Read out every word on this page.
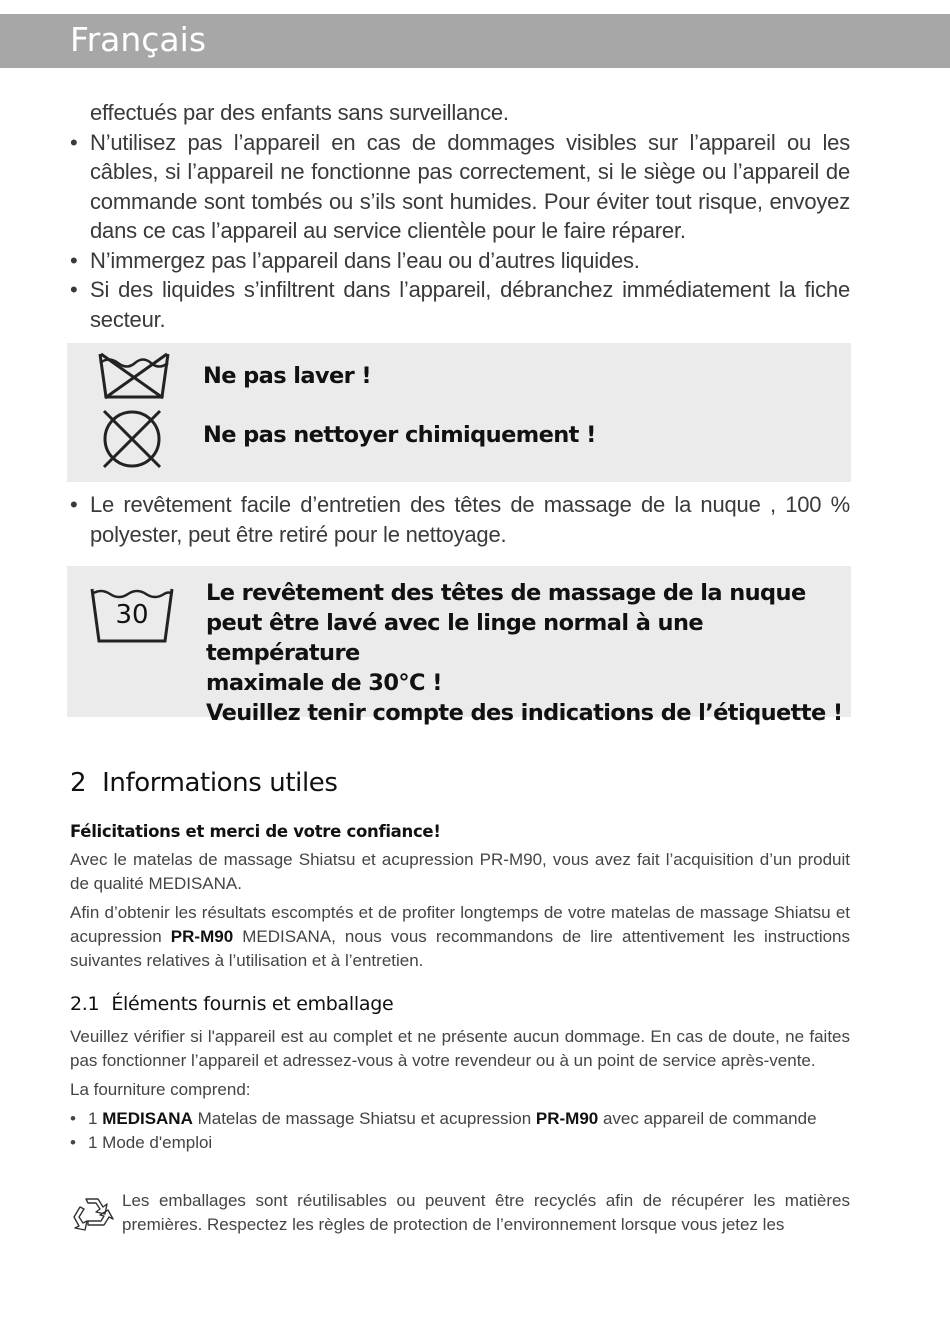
Français
effectués par des enfants sans surveillance.
• N’utilisez pas l’appareil en cas de dommages visibles sur l’appareil ou les câbles, si l’appareil ne fonctionne pas correctement, si le siège ou l’appareil de commande sont tombés ou s’ils sont humides. Pour éviter tout risque, envoyez dans ce cas l’appareil au service clientèle pour le faire réparer.
• N’immergez pas l’appareil dans l’eau ou d’autres liquides.
• Si des liquides s’infiltrent dans l’appareil, débranchez immédiatement la fiche secteur.
Ne pas laver !
Ne pas nettoyer chimiquement !
• Le revêtement facile d’entretien des têtes de massage de la nuque , 100 % polyester, peut être retiré pour le nettoyage.
30
Le revêtement des têtes de massage de la nuque
peut être lavé avec le linge normal à une température
maximale de 30°C !
Veuillez tenir compte des indications de l’étiquette !
2 Informations utiles
Félicitations et merci de votre confiance!

Avec le matelas de massage Shiatsu et acupression PR-M90, vous avez fait l’acquisition d’un produit de qualité MEDISANA.

Afin d’obtenir les résultats escomptés et de profiter longtemps de votre matelas de massage Shiatsu et acupression PR-M90 MEDISANA, nous vous recommandons de lire attentivement les instructions suivantes relatives à l’utilisation et à l’entretien.

2.1 Éléments fournis et emballage

Veuillez vérifier si l'appareil est au complet et ne présente aucun dommage. En cas de doute, ne faites pas fonctionner l’appareil et adressez-vous à votre revendeur ou à un point de service après-vente.

La fourniture comprend:

• 1 MEDISANA Matelas de massage Shiatsu et acupression PR-M90 avec appareil de commande
• 1 Mode d'emploi

Les emballages sont réutilisables ou peuvent être recyclés afin de récupérer les matières premières. Respectez les règles de protection de l’environnement lorsque vous jetez les
